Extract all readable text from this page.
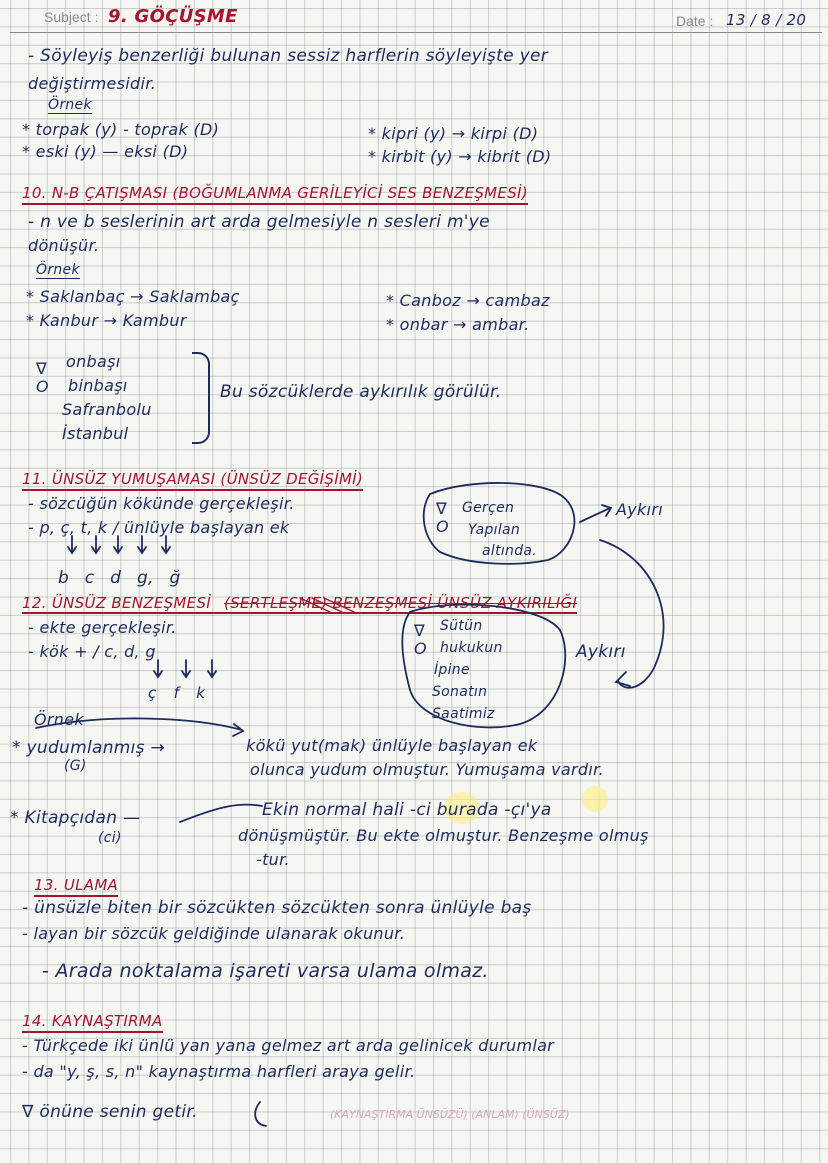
Subject : 9. GÖÇÜŞME	Date : 13 / 8 / 20
- Söyleyiş benzerliği bulunan sessiz harflerin söyleyişte yer
değiştirmesidir.
Örnek
* torpak (y) - toprak (D)
* eski (y) — eksi (D)
* kipri (y) → kirpi (D)
* kirbit (y) → kibrit (D)
10. N-B ÇATIŞMASI (BOĞUMLANMA GERİLEYİCİ SES BENZEŞMESİ)
- n ve b seslerinin art arda gelmesiyle n sesleri m'ye
dönüşür.
Örnek
* Saklanbaç → Saklambaç
* Kanbur → Kambur
* Canboz → cambaz
* onbar → ambar.
∇ O
onbaşı
binbaşı
Safranbolu
İstanbul
Bu sözcüklerde aykırılık görülür.
11. ÜNSÜZ YUMUŞAMASI (ÜNSÜZ DEĞİŞİMİ)
- sözcüğün kökünde gerçekleşir.
- p, ç, t, k / ünlüyle başlayan ek
b c d g, ğ
∇ O
Gerçen
Yapılan
altında.
Aykırı
12. ÜNSÜZ BENZEŞMESİ (SERTLEŞME) BENZEŞMESİ ÜNSÜZ AYKIRILIĞI
- ekte gerçekleşir.
- kök + / c, d, g
ç f k
∇ O
Sütün
hukukun
İpine
Sonatın
Saatimiz
Aykırı
Örnek
* yudumlanmış →
(G)
kökü yut(mak) ünlüyle başlayan ek
olunca yudum olmuştur. Yumuşama vardır.
* Kitapçıdan —
(ci)
Ekin normal hali -ci burada -çı'ya
dönüşmüştür. Bu ekte olmuştur. Benzeşme olmuş
-tur.
13. ULAMA
- ünsüzle biten bir sözcükten sözcükten sonra ünlüyle baş
- layan bir sözcük geldiğinde ulanarak okunur.
- Arada noktalama işareti varsa ulama olmaz.
14. KAYNAŞTIRMA
- Türkçede iki ünlü yan yana gelmez art arda gelinicek durumlar
- da "y, ş, s, n" kaynaştırma harfleri araya gelir.
∇ önüne senin getir.	(KAYNAŞTIRMA ÜNSÜZÜ) (ANLAM) (ÜNSÜZ)
